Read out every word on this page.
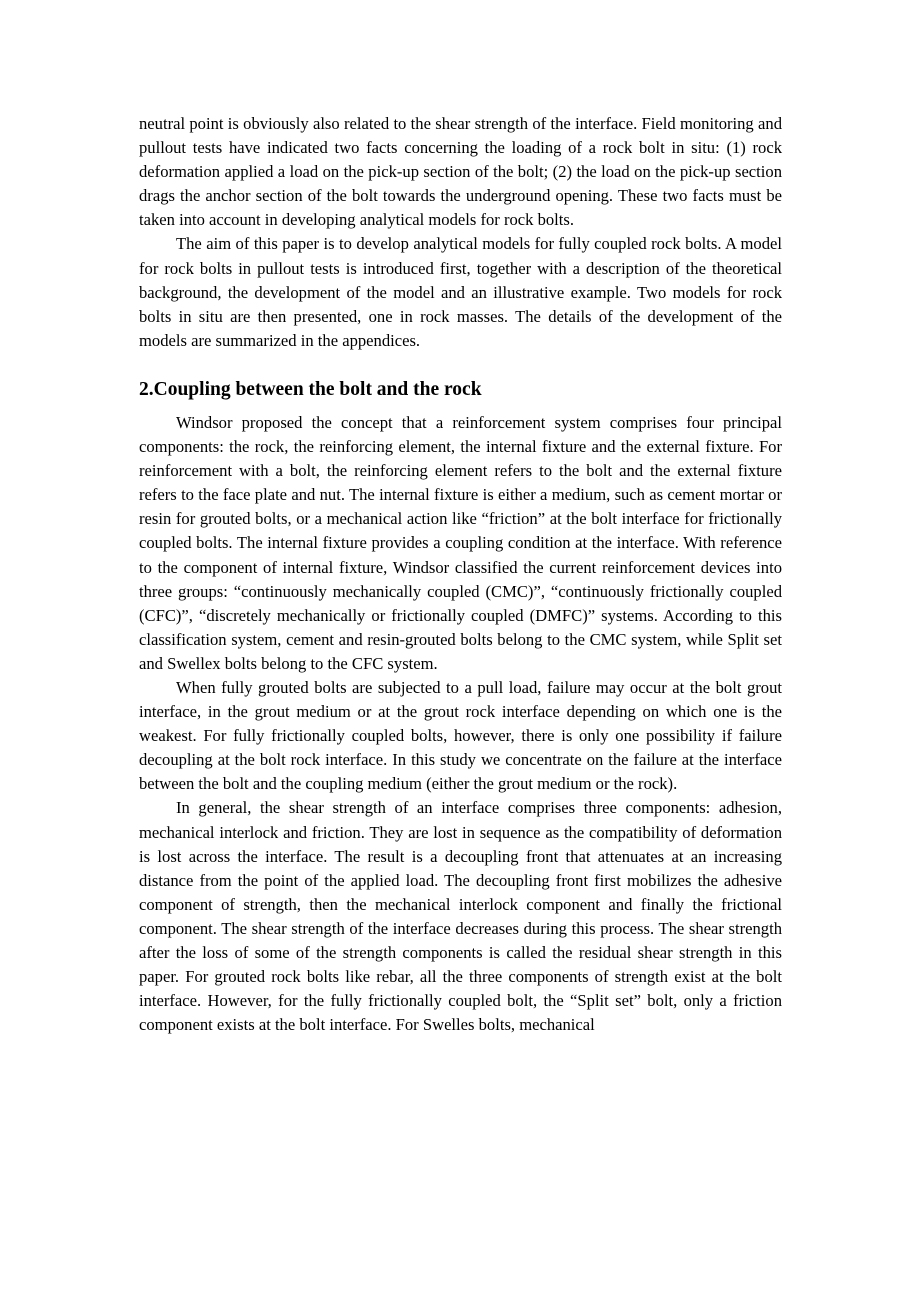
neutral point is obviously also related to the shear strength of the interface. Field monitoring and pullout tests have indicated two facts concerning the loading of a rock bolt in situ: (1) rock deformation applied a load on the pick-up section of the bolt; (2) the load on the pick-up section drags the anchor section of the bolt towards the underground opening. These two facts must be taken into account in developing analytical models for rock bolts.

The aim of this paper is to develop analytical models for fully coupled rock bolts. A model for rock bolts in pullout tests is introduced first, together with a description of the theoretical background, the development of the model and an illustrative example. Two models for rock bolts in situ are then presented, one in rock masses. The details of the development of the models are summarized in the appendices.

2.Coupling between the bolt and the rock

Windsor proposed the concept that a reinforcement system comprises four principal components: the rock, the reinforcing element, the internal fixture and the external fixture. For reinforcement with a bolt, the reinforcing element refers to the bolt and the external fixture refers to the face plate and nut. The internal fixture is either a medium, such as cement mortar or resin for grouted bolts, or a mechanical action like “friction” at the bolt interface for frictionally coupled bolts. The internal fixture provides a coupling condition at the interface. With reference to the component of internal fixture, Windsor classified the current reinforcement devices into three groups: “continuously mechanically coupled (CMC)”, “continuously frictionally coupled (CFC)”, “discretely mechanically or frictionally coupled (DMFC)” systems. According to this classification system, cement and resin-grouted bolts belong to the CMC system, while Split set and Swellex bolts belong to the CFC system.

When fully grouted bolts are subjected to a pull load, failure may occur at the bolt grout interface, in the grout medium or at the grout rock interface depending on which one is the weakest. For fully frictionally coupled bolts, however, there is only one possibility if failure decoupling at the bolt rock interface. In this study we concentrate on the failure at the interface between the bolt and the coupling medium (either the grout medium or the rock).

In general, the shear strength of an interface comprises three components: adhesion, mechanical interlock and friction. They are lost in sequence as the compatibility of deformation is lost across the interface. The result is a decoupling front that attenuates at an increasing distance from the point of the applied load. The decoupling front first mobilizes the adhesive component of strength, then the mechanical interlock component and finally the frictional component. The shear strength of the interface decreases during this process. The shear strength after the loss of some of the strength components is called the residual shear strength in this paper. For grouted rock bolts like rebar, all the three components of strength exist at the bolt interface. However, for the fully frictionally coupled bolt, the “Split set” bolt, only a friction component exists at the bolt interface. For Swelles bolts, mechanical
